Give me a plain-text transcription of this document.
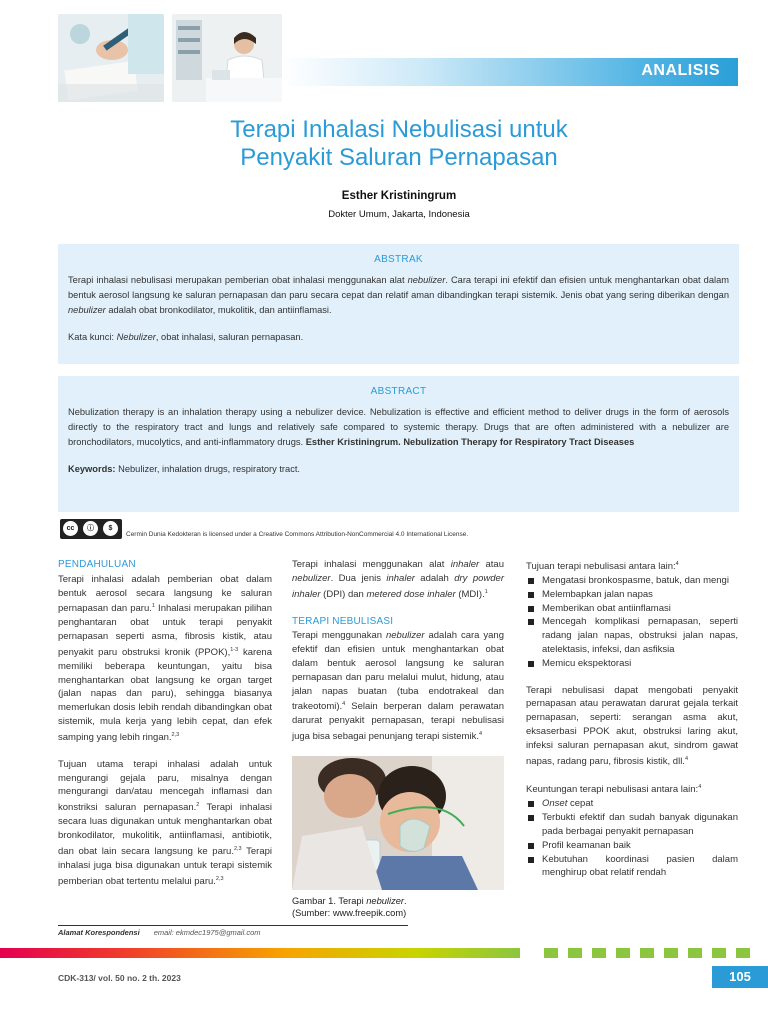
ANALISIS
Terapi Inhalasi Nebulisasi untuk
Penyakit Saluran Pernapasan
Esther Kristiningrum
Dokter Umum, Jakarta, Indonesia
ABSTRAK
Terapi inhalasi nebulisasi merupakan pemberian obat inhalasi menggunakan alat nebulizer. Cara terapi ini efektif dan efisien untuk menghantarkan obat dalam bentuk aerosol langsung ke saluran pernapasan dan paru secara cepat dan relatif aman dibandingkan terapi sistemik. Jenis obat yang sering diberikan dengan nebulizer adalah obat bronkodilator, mukolitik, dan antiinflamasi.
Kata kunci: Nebulizer, obat inhalasi, saluran pernapasan.
ABSTRACT
Nebulization therapy is an inhalation therapy using a nebulizer device. Nebulization is effective and efficient method to deliver drugs in the form of aerosols directly to the respiratory tract and lungs and relatively safe compared to systemic therapy. Drugs that are often administered with a nebulizer are bronchodilators, mucolytics, and anti-inflammatory drugs. Esther Kristiningrum. Nebulization Therapy for Respiratory Tract Diseases
Keywords: Nebulizer, inhalation drugs, respiratory tract.
cc	ⓘ	$
Cermin Dunia Kedokteran is licensed under a Creative Commons Attribution-NonCommercial 4.0 International License.
PENDAHULUAN

Terapi inhalasi adalah pemberian obat dalam bentuk aerosol secara langsung ke saluran pernapasan dan paru.$^1$ Inhalasi merupakan pilihan penghantaran obat untuk terapi penyakit pernapasan seperti asma, fibrosis kistik, atau penyakit paru obstruksi kronik (PPOK),$^{1-3}$ karena memiliki beberapa keuntungan, yaitu bisa menghantarkan obat langsung ke organ target (jalan napas dan paru), sehingga biasanya memerlukan dosis lebih rendah dibandingkan obat sistemik, mula kerja yang lebih cepat, dan efek samping yang lebih ringan.$^{2,3}$

Tujuan utama terapi inhalasi adalah untuk mengurangi gejala paru, misalnya dengan mengurangi dan/atau mencegah inflamasi dan konstriksi saluran pernapasan.$^2$ Terapi inhalasi secara luas digunakan untuk menghantarkan obat bronkodilator, mukolitik, antiinflamasi, antibiotik, dan obat lain secara langsung ke paru.$^{2,3}$ Terapi inhalasi juga bisa digunakan untuk terapi sistemik pemberian obat tertentu melalui paru.$^{2,3}$

Terapi inhalasi menggunakan alat inhaler atau nebulizer. Dua jenis inhaler adalah dry powder inhaler (DPI) dan metered dose inhaler (MDI).$^1$

TERAPI NEBULISASI

Terapi menggunakan nebulizer adalah cara yang efektif dan efisien untuk menghantarkan obat dalam bentuk aerosol langsung ke saluran pernapasan dan paru melalui mulut, hidung, atau jalan napas buatan (tuba endotrakeal dan trakeotomi).$^4$ Selain berperan dalam perawatan darurat penyakit pernapasan, terapi nebulisasi juga bisa sebagai penunjang terapi sistemik.$^4$

Gambar 1. Terapi nebulizer.
(Sumber: www.freepik.com)
Tujuan terapi nebulisasi antara lain:$^4$
Mengatasi bronkospasme, batuk, dan mengi
Melembapkan jalan napas
Memberikan obat antiinflamasi
Mencegah komplikasi pernapasan, seperti radang jalan napas, obstruksi jalan napas, atelektasis, infeksi, dan asfiksia
Memicu ekspektorasi

Terapi nebulisasi dapat mengobati penyakit pernapasan atau perawatan darurat gejala terkait pernapasan, seperti: serangan asma akut, eksaserbasi PPOK akut, obstruksi laring akut, infeksi saluran pernapasan akut, sindrom gawat napas, radang paru, fibrosis kistik, dll.$^4$

Keuntungan terapi nebulisasi antara lain:$^4$
Onset cepat
Terbukti efektif dan sudah banyak digunakan pada berbagai penyakit pernapasan
Profil keamanan baik
Kebutuhan koordinasi pasien dalam menghirup obat relatif rendah
Alamat Korespondensi email: ekmdec1975@gmail.com
CDK-313/ vol. 50 no. 2 th. 2023	105
